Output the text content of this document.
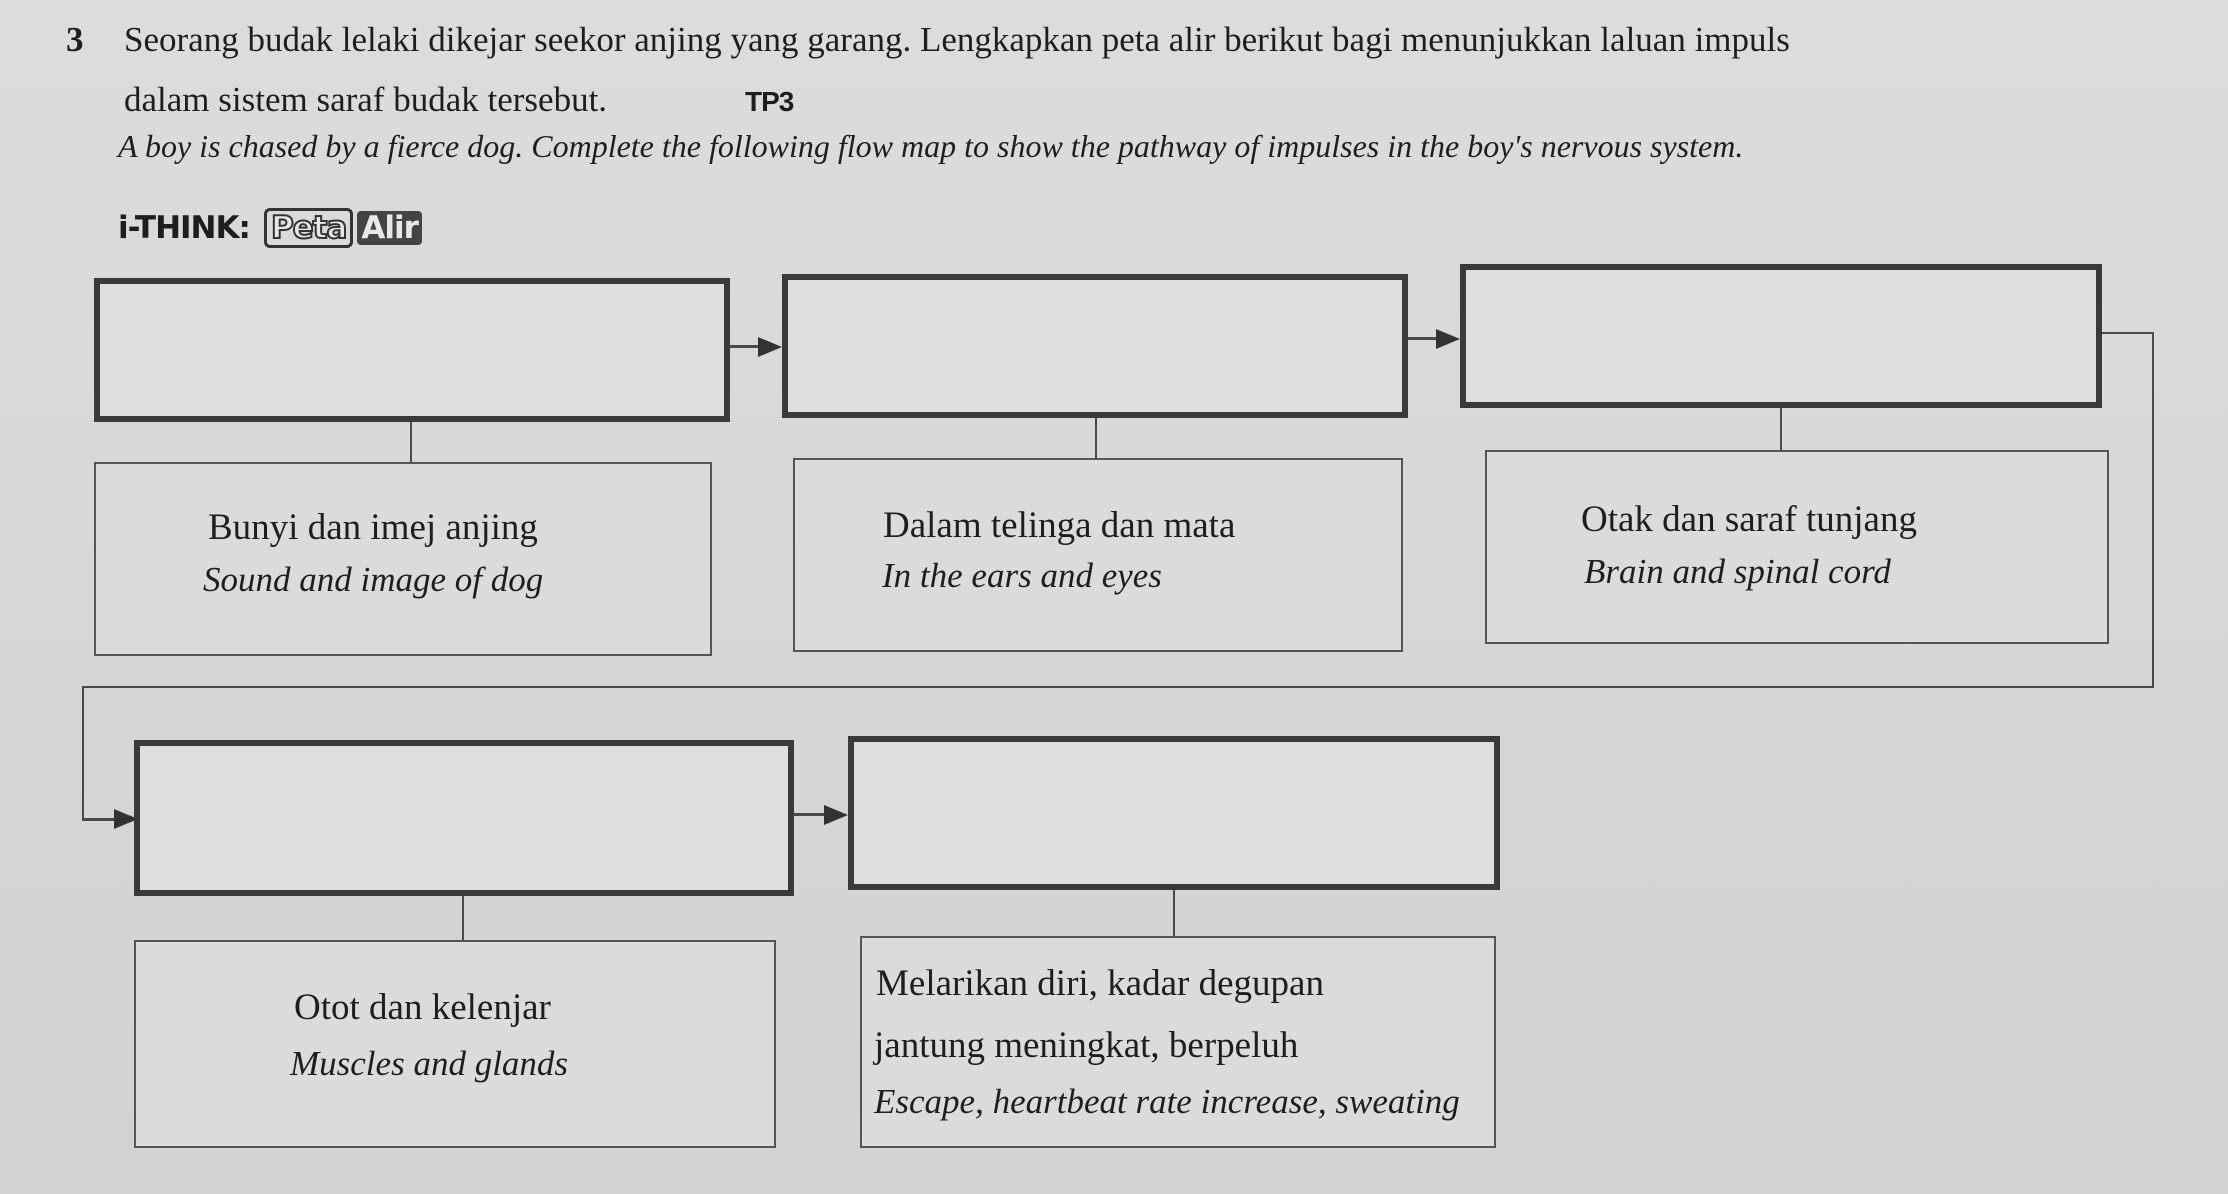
3 Seorang budak lelaki dikejar seekor anjing yang garang. Lengkapkan peta alir berikut bagi menunjukkan laluan impuls
dalam sistem saraf budak tersebut.	TP3
A boy is chased by a fierce dog. Complete the following flow map to show the pathway of impulses in the boy's nervous system.
i-THINK: Peta Alir
Bunyi dan imej anjing
Sound and image of dog
Dalam telinga dan mata
In the ears and eyes
Otak dan saraf tunjang
Brain and spinal cord
Otot dan kelenjar
Muscles and glands
Melarikan diri, kadar degupan
jantung meningkat, berpeluh
Escape, heartbeat rate increase, sweating
